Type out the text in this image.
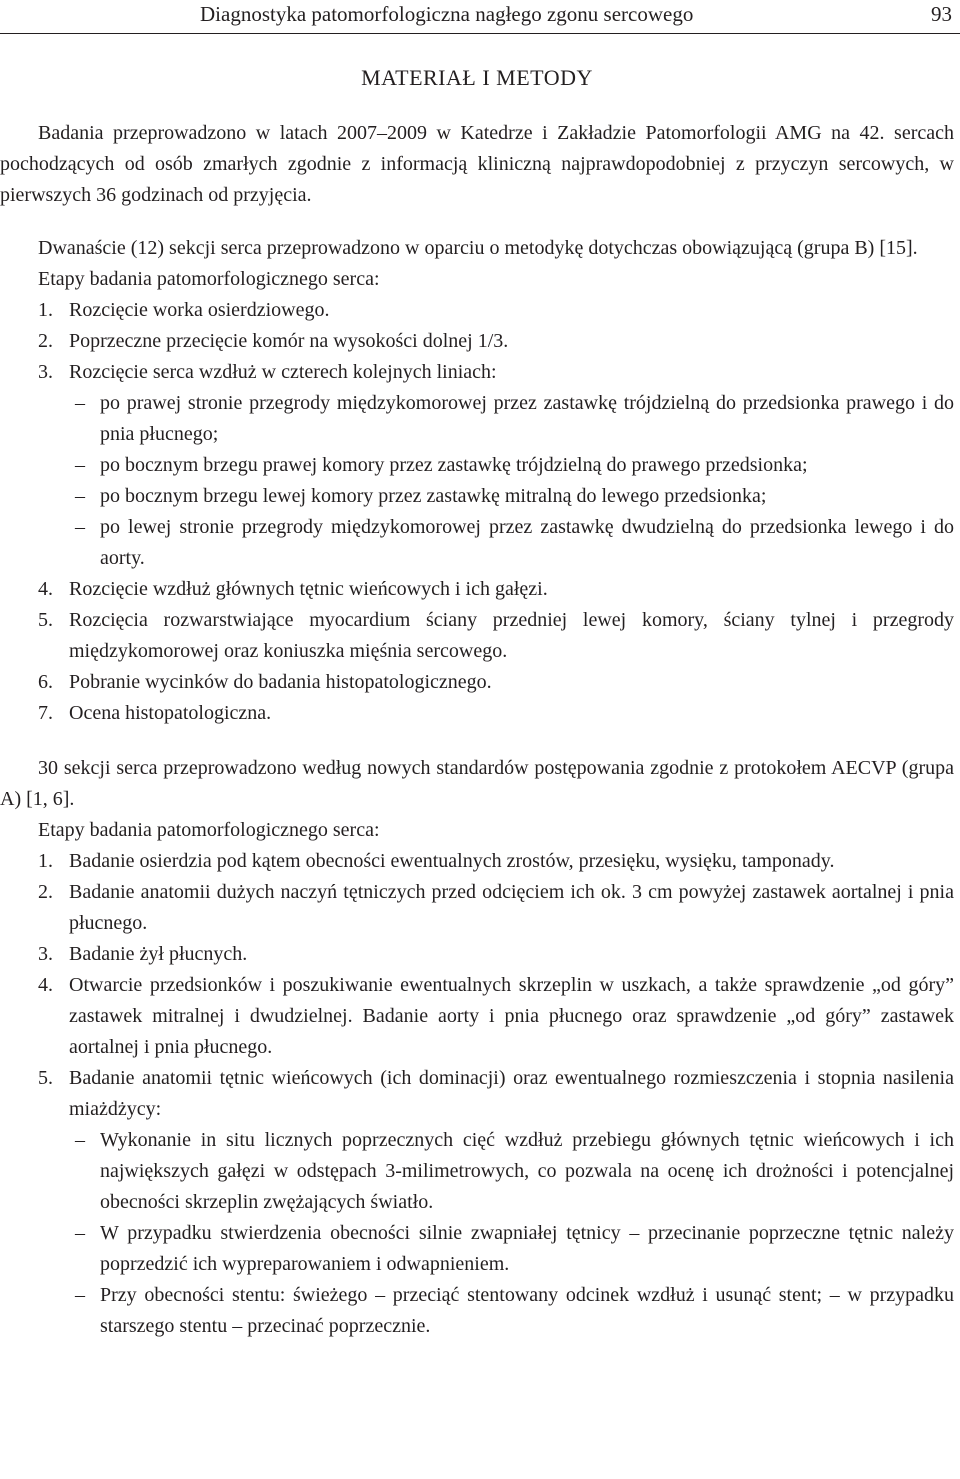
Diagnostyka patomorfologiczna nagłego zgonu sercowego	93

MATERIAŁ I METODY

Badania przeprowadzono w latach 2007–2009 w Katedrze i Zakładzie Patomorfologii AMG na 42. sercach pochodzących od osób zmarłych zgodnie z informacją kliniczną najprawdopodobniej z przyczyn sercowych, w pierwszych 36 godzinach od przyjęcia.

Dwanaście (12) sekcji serca przeprowadzono w oparciu o metodykę dotychczas obowiązującą (grupa B) [15].

Etapy badania patomorfologicznego serca:

1. Rozcięcie worka osierdziowego.
2. Poprzeczne przecięcie komór na wysokości dolnej 1/3.
3. Rozcięcie serca wzdłuż w czterech kolejnych liniach:
– po prawej stronie przegrody międzykomorowej przez zastawkę trójdzielną do przedsionka prawego i do pnia płucnego;
– po bocznym brzegu prawej komory przez zastawkę trójdzielną do prawego przedsionka;
– po bocznym brzegu lewej komory przez zastawkę mitralną do lewego przedsionka;
– po lewej stronie przegrody międzykomorowej przez zastawkę dwudzielną do przedsionka lewego i do aorty.
4. Rozcięcie wzdłuż głównych tętnic wieńcowych i ich gałęzi.
5. Rozcięcia rozwarstwiające myocardium ściany przedniej lewej komory, ściany tylnej i przegrody międzykomorowej oraz koniuszka mięśnia sercowego.
6. Pobranie wycinków do badania histopatologicznego.
7. Ocena histopatologiczna.

30 sekcji serca przeprowadzono według nowych standardów postępowania zgodnie z protokołem AECVP (grupa A) [1, 6].

Etapy badania patomorfologicznego serca:

1. Badanie osierdzia pod kątem obecności ewentualnych zrostów, przesięku, wysięku, tamponady.
2. Badanie anatomii dużych naczyń tętniczych przed odcięciem ich ok. 3 cm powyżej zastawek aortalnej i pnia płucnego.
3. Badanie żył płucnych.
4. Otwarcie przedsionków i poszukiwanie ewentualnych skrzeplin w uszkach, a także sprawdzenie „od góry” zastawek mitralnej i dwudzielnej. Badanie aorty i pnia płucnego oraz sprawdzenie „od góry” zastawek aortalnej i pnia płucnego.
5. Badanie anatomii tętnic wieńcowych (ich dominacji) oraz ewentualnego rozmieszczenia i stopnia nasilenia miażdżycy:
– Wykonanie in situ licznych poprzecznych cięć wzdłuż przebiegu głównych tętnic wieńcowych i ich największych gałęzi w odstępach 3-milimetrowych, co pozwala na ocenę ich drożności i potencjalnej obecności skrzeplin zwężających światło.
– W przypadku stwierdzenia obecności silnie zwapniałej tętnicy – przecinanie poprzeczne tętnic należy poprzedzić ich wypreparowaniem i odwapnieniem.
– Przy obecności stentu: świeżego – przeciąć stentowany odcinek wzdłuż i usunąć stent; – w przypadku starszego stentu – przecinać poprzecznie.
